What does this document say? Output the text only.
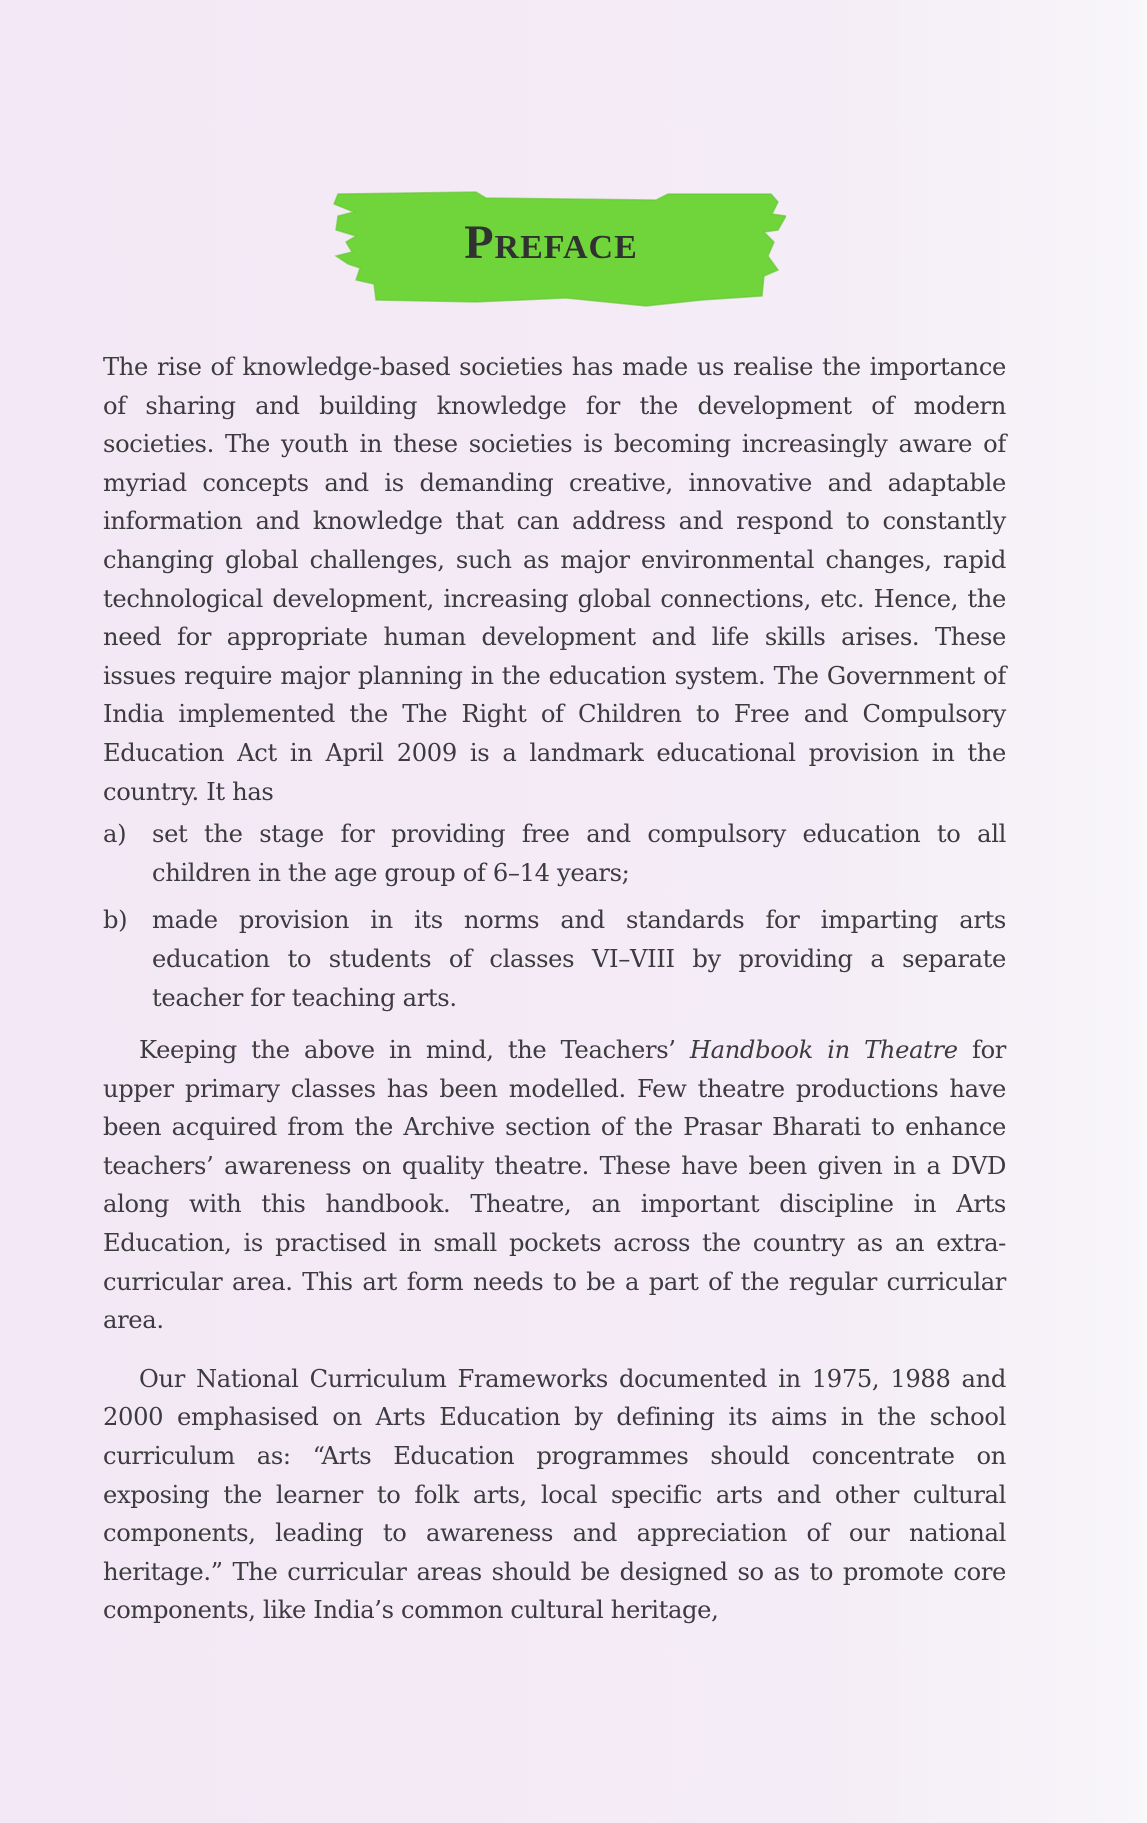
Preface

The rise of knowledge-based societies has made us realise the importance of sharing and building knowledge for the development of modern societies. The youth in these societies is becoming increasingly aware of myriad concepts and is demanding creative, innovative and adaptable information and knowledge that can address and respond to constantly changing global challenges, such as major environmental changes, rapid technological development, increasing global connections, etc. Hence, the need for appropriate human development and life skills arises. These issues require major planning in the education system. The Government of India implemented the The Right of Children to Free and Compulsory Education Act in April 2009 is a landmark educational provision in the country. It has

a) set the stage for providing free and compulsory education to all children in the age group of 6–14 years;
b) made provision in its norms and standards for imparting arts education to students of classes VI–VIII by providing a separate teacher for teaching arts.

Keeping the above in mind, the Teachers’ Handbook in Theatre for upper primary classes has been modelled. Few theatre productions have been acquired from the Archive section of the Prasar Bharati to enhance teachers’ awareness on quality theatre. These have been given in a DVD along with this handbook. Theatre, an important discipline in Arts Education, is practised in small pockets across the country as an extra-curricular area. This art form needs to be a part of the regular curricular area.

Our National Curriculum Frameworks documented in 1975, 1988 and 2000 emphasised on Arts Education by defining its aims in the school curriculum as: “Arts Education programmes should concentrate on exposing the learner to folk arts, local specific arts and other cultural components, leading to awareness and appreciation of our national heritage.” The curricular areas should be designed so as to promote core components, like India’s common cultural heritage,
